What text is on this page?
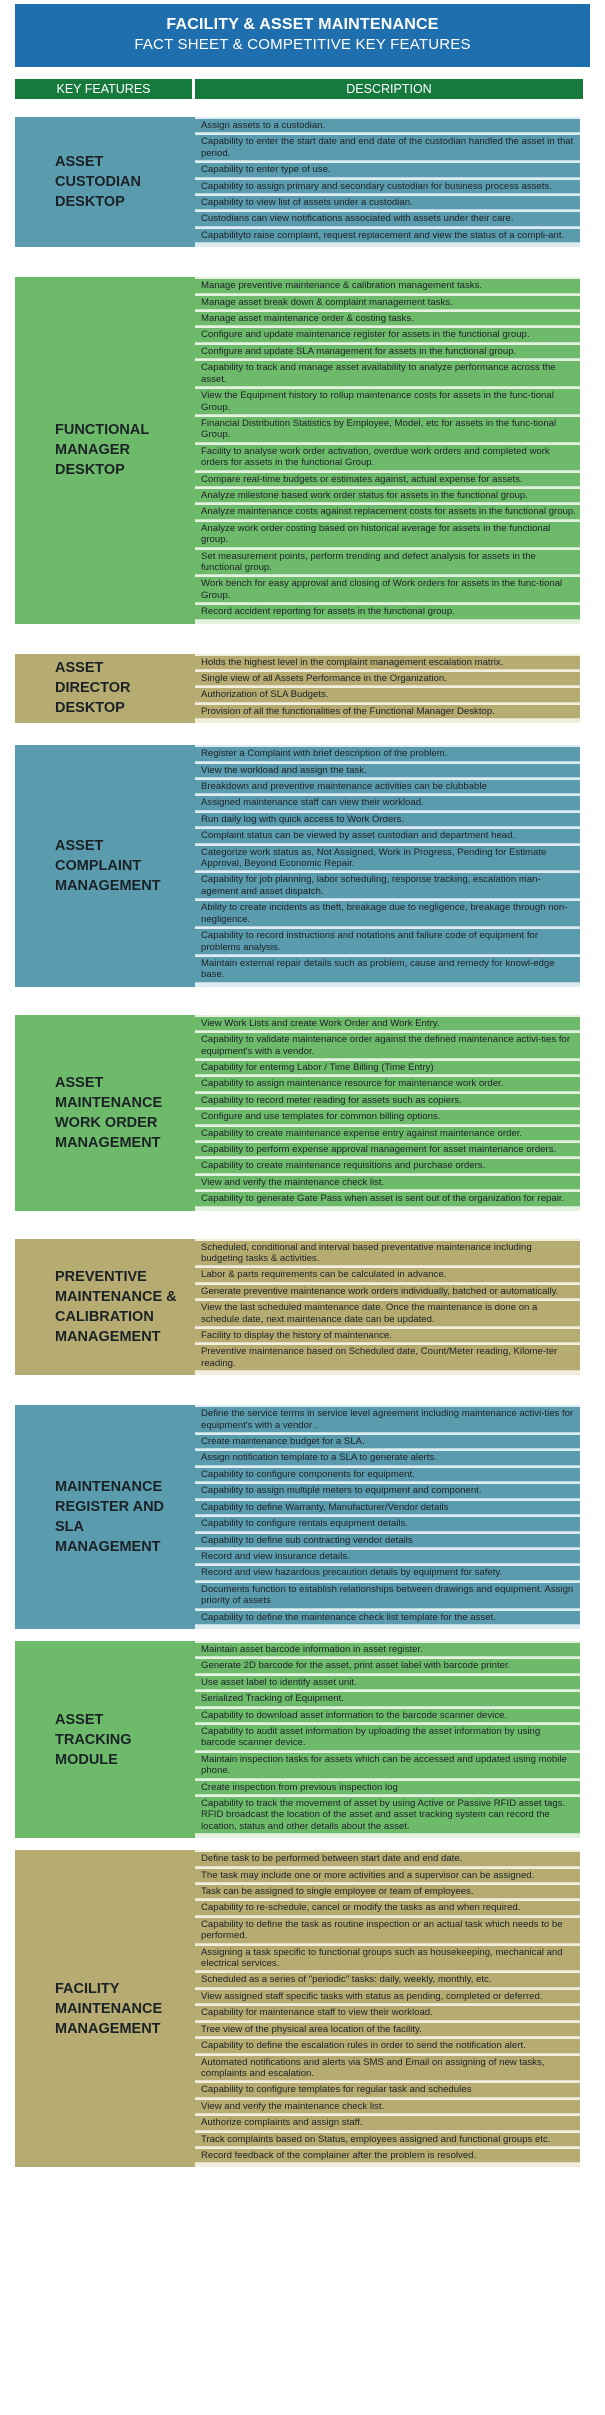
FACILITY & ASSET MAINTENANCE
FACT SHEET & COMPETITIVE KEY FEATURES
KEY FEATURES	DESCRIPTION
ASSET
CUSTODIAN
DESKTOP
Assign assets to a custodian.
Capability to enter the start date and end date of the custodian handled the asset in that period.
Capability to enter type of use.
Capability to assign primary and secondary custodian for business process assets.
Capability to view list of assets under a custodian.
Custodians can view notifications associated with assets under their care.
Capabilityto raise complaint, request replacement and view the status of a compli-ant.
FUNCTIONAL
MANAGER
DESKTOP
Manage preventive maintenance & calibration management tasks.
Manage asset break down & complaint management tasks.
Manage asset maintenance order & costing tasks.
Configure and update maintenance register for assets in the functional group.
Configure and update SLA management for assets in the functional group.
Capability to track and manage asset availability to analyze performance across the asset.
View the Equipment history to rollup maintenance costs for assets in the func-tional Group.
Financial Distribution Statistics by Employee, Model, etc for assets in the func-tional Group.
Facility to analyse work order activation, overdue work orders and completed work orders for assets in the functional Group.
Compare real-time budgets or estimates against, actual expense for assets.
Analyze milestone based work order status for assets in the functional group.
Analyze maintenance costs against replacement costs for assets in the functional group.
Analyze work order costing based on historical average for assets in the functional group.
Set measurement points, perform trending and defect analysis for assets in the functional group.
Work bench for easy approval and closing of Work orders for assets in the func-tional Group.
Record accident reporting for assets in the functional group.
ASSET
DIRECTOR
DESKTOP
Holds the highest level in the complaint management escalation matrix.
Single view of all Assets Performance in the Organization.
Authorization of SLA Budgets.
Provision of all the functionalities of the Functional Manager Desktop.
ASSET
COMPLAINT
MANAGEMENT
Register a Complaint with brief description of the problem.
View the workload and assign the task.
Breakdown and preventive maintenance activities can be clubbable
Assigned maintenance staff can view their workload.
Run daily log with quick access to Work Orders.
Complaint status can be viewed by asset custodian and department head.
Categorize work status as, Not Assigned, Work in Progress, Pending for Estimate Approval, Beyond Economic Repair.
Capability for job planning, labor scheduling, response tracking, escalation man-agement and asset dispatch.
Ability to create incidents as theft, breakage due to negligence, breakage through non-negligence.
Capability to record instructions and notations and failure code of equipment for problems analysis.
Maintain external repair details such as problem, cause and remedy for knowl-edge base.
ASSET
MAINTENANCE
WORK ORDER
MANAGEMENT
View Work Lists and create Work Order and Work Entry.
Capability to validate maintenance order against the defined maintenance activi-ties for equipment's with a vendor.
Capability for entering Labor / Time Billing (Time Entry)
Capability to assign maintenance resource for maintenance work order.
Capability to record meter reading for assets such as copiers.
Configure and use templates for common billing options.
Capability to create maintenance expense entry against maintenance order.
Capability to perform expense approval management for asset maintenance orders.
Capability to create maintenance requisitions and purchase orders.
View and verify the maintenance check list.
Capability to generate Gate Pass when asset is sent out of the organization for repair.
PREVENTIVE
MAINTENANCE &
CALIBRATION
MANAGEMENT
Scheduled, conditional and interval based preventative maintenance including budgeting tasks & activities.
Labor & parts requirements can be calculated in advance.
Generate preventive maintenance work orders individually, batched or automatically.
View the last scheduled maintenance date. Once the maintenance is done on a schedule date, next maintenance date can be updated.
Facility to display the history of maintenance.
Preventive maintenance based on Scheduled date, Count/Meter reading, Kilome-ter reading.
MAINTENANCE
REGISTER AND
SLA
MANAGEMENT
Define the service terms in service level agreement including maintenance activi-ties for equipment's with a vendor .
Create maintenance budget for a SLA.
Assign notification template to a SLA to generate alerts.
Capability to configure components for equipment.
Capability to assign multiple meters to equipment and component.
Capability to define Warranty, Manufacturer/Vendor details
Capability to configure rentals equipment details.
Capability to define sub contracting vendor details
Record and view insurance details.
Record and view hazardous precaution details by equipment for safety.
Documents function to establish relationships between drawings and equipment. Assign priority of assets
Capability to define the maintenance check list template for the asset.
ASSET
TRACKING
MODULE
Maintain asset barcode information in asset register.
Generate 2D barcode for the asset, print asset label with barcode printer.
Use asset label to identify asset unit.
Serialized Tracking of Equipment.
Capability to download asset information to the barcode scanner device.
Capability to audit asset information by uploading the asset information by using barcode scanner device.
Maintain inspection tasks for assets which can be accessed and updated using mobile phone.
Create inspection from previous inspection log
Capability to track the movement of asset by using Active or Passive RFID asset tags. RFID broadcast the location of the asset and asset tracking system can record the location, status and other details about the asset.
FACILITY
MAINTENANCE
MANAGEMENT
Define task to be performed between start date and end date.
The task may include one or more activities and a supervisor can be assigned.
Task can be assigned to single employee or team of employees.
Capability to re-schedule, cancel or modify the tasks as and when required.
Capability to define the task as routine inspection or an actual task which needs to be performed.
Assigning a task specific to functional groups such as housekeeping, mechanical and electrical services.
Scheduled as a series of "periodic" tasks: daily, weekly, monthly, etc.
View assigned staff specific tasks with status as pending, completed or deferred.
Capability for maintenance staff to view their workload.
Tree view of the physical area location of the facility.
Capability to define the escalation rules in order to send the notification alert.
Automated notifications and alerts via SMS and Email on assigning of new tasks, complaints and escalation.
Capability to configure templates for regular task and schedules
View and verify the maintenance check list.
Authorize complaints and assign staff.
Track complaints based on Status, employees assigned and functional groups etc.
Record feedback of the complainer after the problem is resolved.
